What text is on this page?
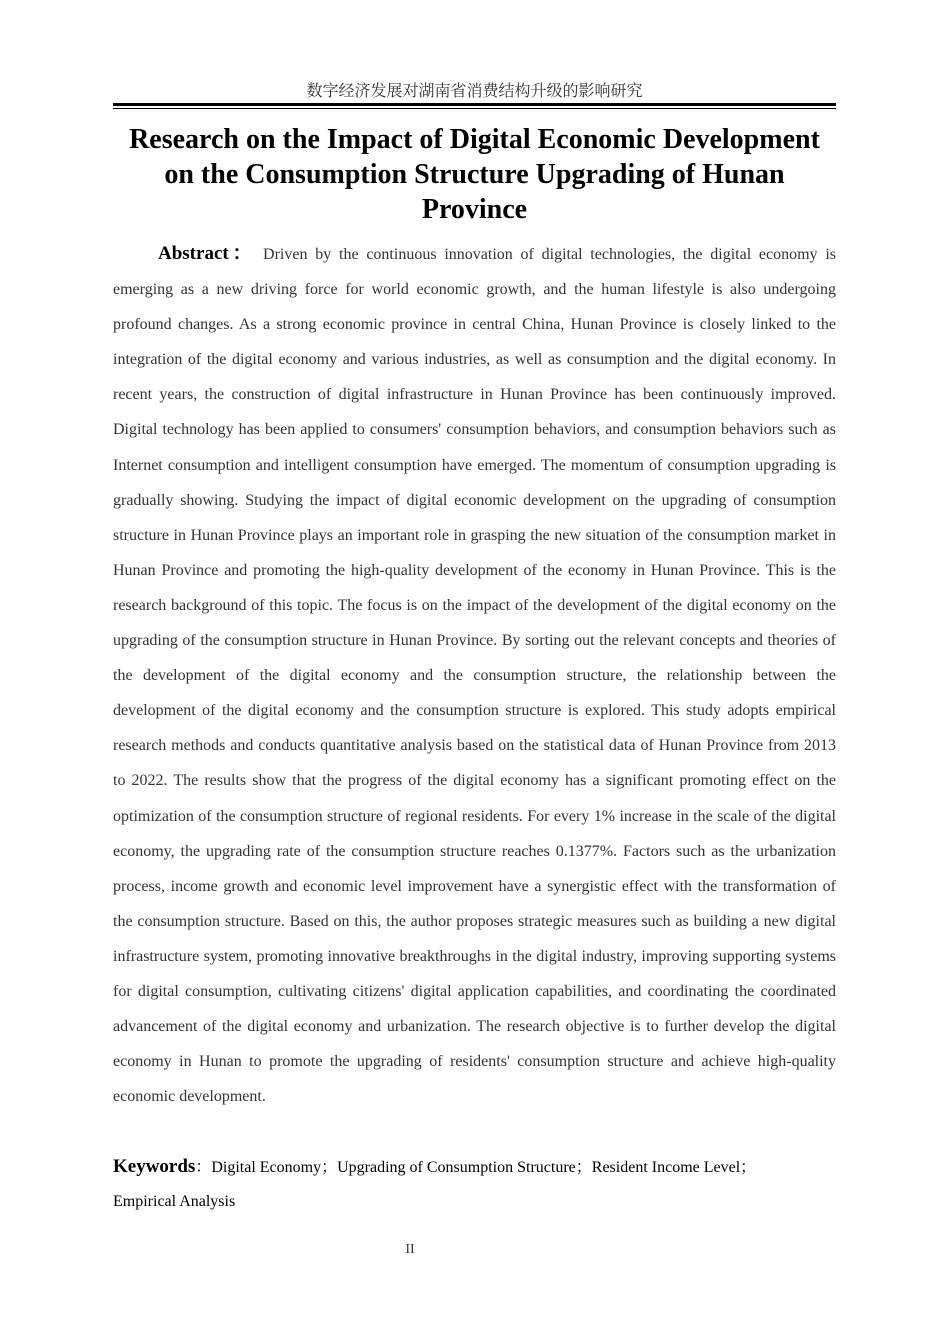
数字经济发展对湖南省消费结构升级的影响研究
Research on the Impact of Digital Economic Development on the Consumption Structure Upgrading of Hunan Province

Abstract： Driven by the continuous innovation of digital technologies, the digital economy is emerging as a new driving force for world economic growth, and the human lifestyle is also undergoing profound changes. As a strong economic province in central China, Hunan Province is closely linked to the integration of the digital economy and various industries, as well as consumption and the digital economy. In recent years, the construction of digital infrastructure in Hunan Province has been continuously improved. Digital technology has been applied to consumers' consumption behaviors, and consumption behaviors such as Internet consumption and intelligent consumption have emerged. The momentum of consumption upgrading is gradually showing. Studying the impact of digital economic development on the upgrading of consumption structure in Hunan Province plays an important role in grasping the new situation of the consumption market in Hunan Province and promoting the high-quality development of the economy in Hunan Province. This is the research background of this topic. The focus is on the impact of the development of the digital economy on the upgrading of the consumption structure in Hunan Province. By sorting out the relevant concepts and theories of the development of the digital economy and the consumption structure, the relationship between the development of the digital economy and the consumption structure is explored. This study adopts empirical research methods and conducts quantitative analysis based on the statistical data of Hunan Province from 2013 to 2022. The results show that the progress of the digital economy has a significant promoting effect on the optimization of the consumption structure of regional residents. For every 1% increase in the scale of the digital economy, the upgrading rate of the consumption structure reaches 0.1377%. Factors such as the urbanization process, income growth and economic level improvement have a synergistic effect with the transformation of the consumption structure. Based on this, the author proposes strategic measures such as building a new digital infrastructure system, promoting innovative breakthroughs in the digital industry, improving supporting systems for digital consumption, cultivating citizens' digital application capabilities, and coordinating the coordinated advancement of the digital economy and urbanization. The research objective is to further develop the digital economy in Hunan to promote the upgrading of residents' consumption structure and achieve high-quality economic development.

Keywords：Digital Economy；Upgrading of Consumption Structure；Resident Income Level；
Empirical Analysis

II
